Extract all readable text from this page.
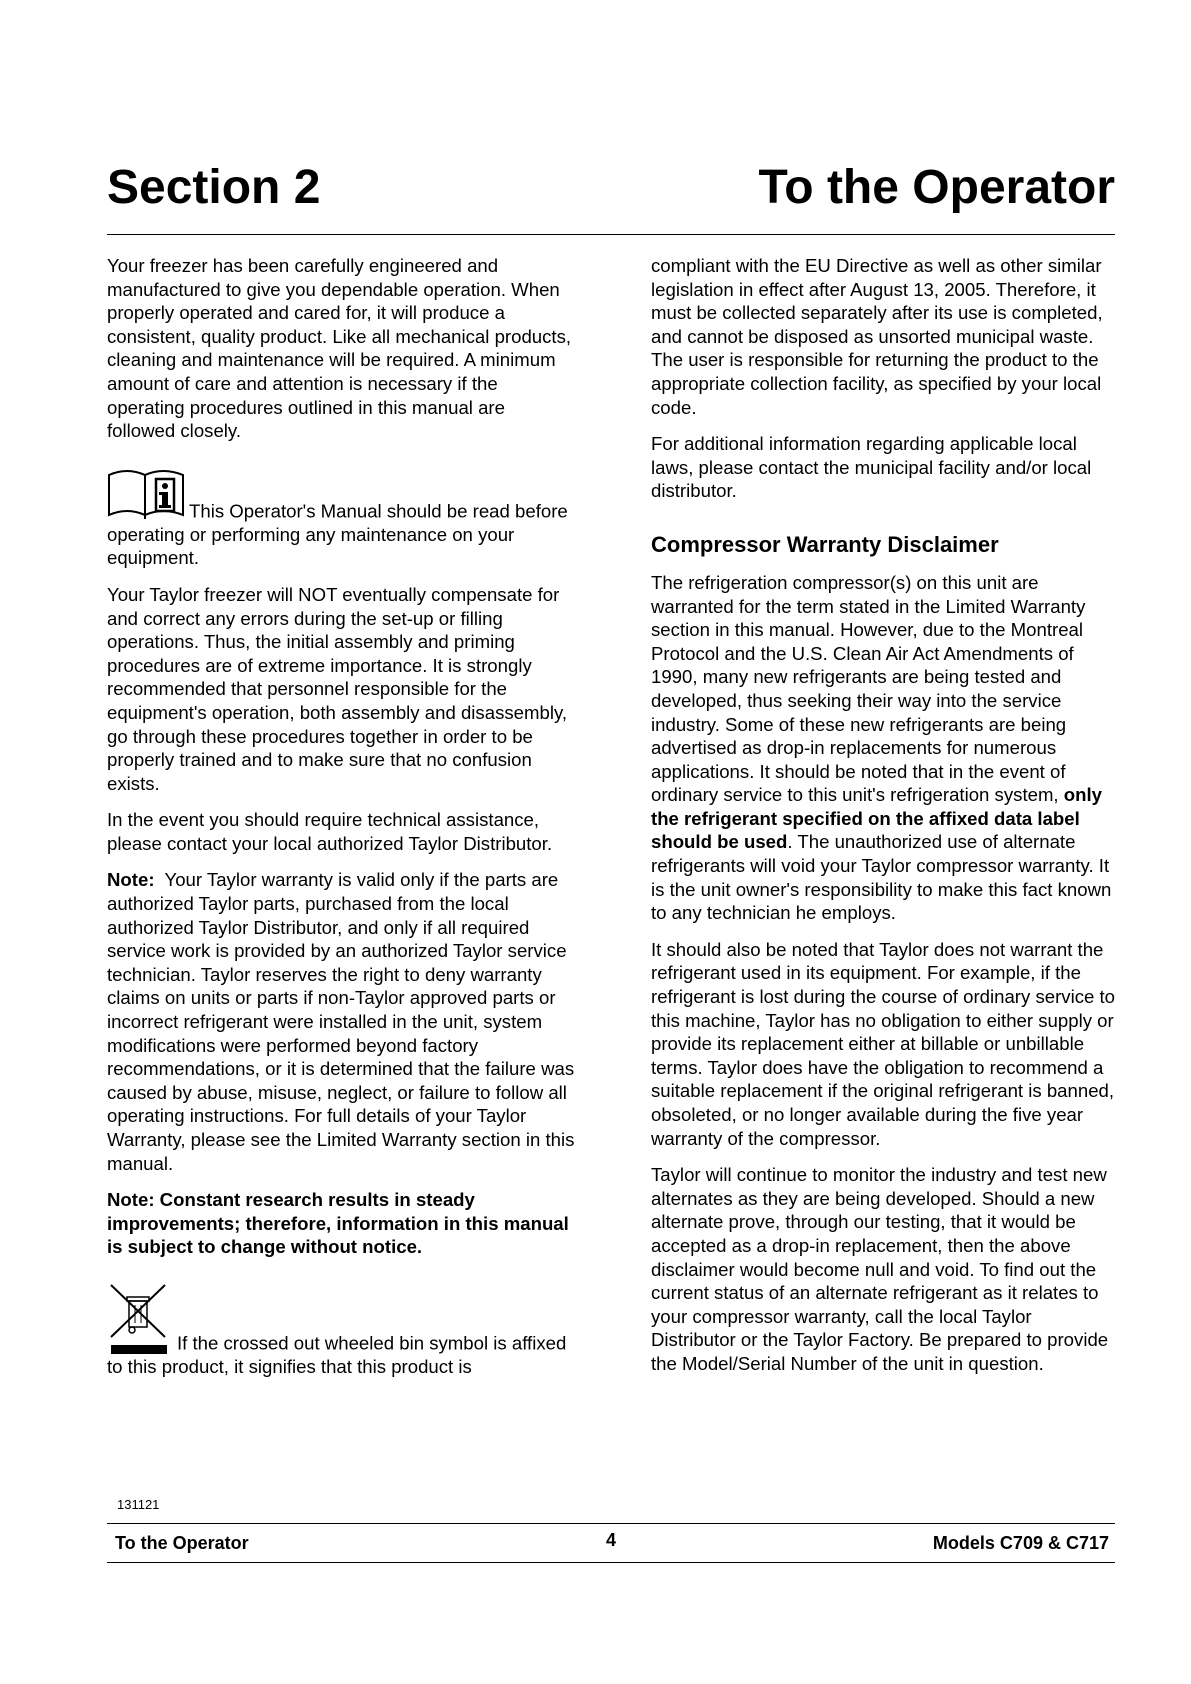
Section 2	To the Operator

Your freezer has been carefully engineered and manufactured to give you dependable operation. When properly operated and cared for, it will produce a consistent, quality product. Like all mechanical products, cleaning and maintenance will be required. A minimum amount of care and attention is necessary if the operating procedures outlined in this manual are followed closely.

This Operator's Manual should be read before operating or performing any maintenance on your equipment.

Your Taylor freezer will NOT eventually compensate for and correct any errors during the set-up or filling operations. Thus, the initial assembly and priming procedures are of extreme importance. It is strongly recommended that personnel responsible for the equipment's operation, both assembly and disassembly, go through these procedures together in order to be properly trained and to make sure that no confusion exists.

In the event you should require technical assistance, please contact your local authorized Taylor Distributor.

Note: Your Taylor warranty is valid only if the parts are authorized Taylor parts, purchased from the local authorized Taylor Distributor, and only if all required service work is provided by an authorized Taylor service technician. Taylor reserves the right to deny warranty claims on units or parts if non-Taylor approved parts or incorrect refrigerant were installed in the unit, system modifications were performed beyond factory recommendations, or it is determined that the failure was caused by abuse, misuse, neglect, or failure to follow all operating instructions. For full details of your Taylor Warranty, please see the Limited Warranty section in this manual.

Note: Constant research results in steady improvements; therefore, information in this manual is subject to change without notice.

If the crossed out wheeled bin symbol is affixed to this product, it signifies that this product is

compliant with the EU Directive as well as other similar legislation in effect after August 13, 2005. Therefore, it must be collected separately after its use is completed, and cannot be disposed as unsorted municipal waste. The user is responsible for returning the product to the appropriate collection facility, as specified by your local code.

For additional information regarding applicable local laws, please contact the municipal facility and/or local distributor.

Compressor Warranty Disclaimer

The refrigeration compressor(s) on this unit are warranted for the term stated in the Limited Warranty section in this manual. However, due to the Montreal Protocol and the U.S. Clean Air Act Amendments of 1990, many new refrigerants are being tested and developed, thus seeking their way into the service industry. Some of these new refrigerants are being advertised as drop-in replacements for numerous applications. It should be noted that in the event of ordinary service to this unit's refrigeration system, only the refrigerant specified on the affixed data label should be used. The unauthorized use of alternate refrigerants will void your Taylor compressor warranty. It is the unit owner's responsibility to make this fact known to any technician he employs.

It should also be noted that Taylor does not warrant the refrigerant used in its equipment. For example, if the refrigerant is lost during the course of ordinary service to this machine, Taylor has no obligation to either supply or provide its replacement either at billable or unbillable terms. Taylor does have the obligation to recommend a suitable replacement if the original refrigerant is banned, obsoleted, or no longer available during the five year warranty of the compressor.

Taylor will continue to monitor the industry and test new alternates as they are being developed. Should a new alternate prove, through our testing, that it would be accepted as a drop-in replacement, then the above disclaimer would become null and void. To find out the current status of an alternate refrigerant as it relates to your compressor warranty, call the local Taylor Distributor or the Taylor Factory. Be prepared to provide the Model/Serial Number of the unit in question.

131121
To the Operator	4	Models C709 & C717
